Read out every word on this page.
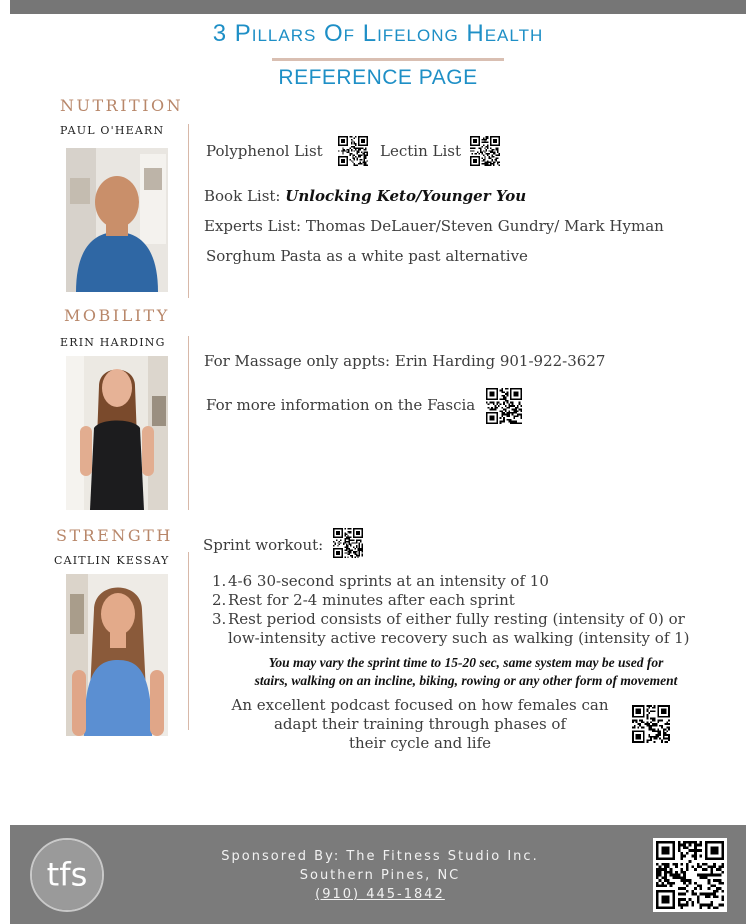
3 Pillars Of Lifelong Health
REFERENCE PAGE
NUTRITION
PAUL O'HEARN
Polyphenol List	Lectin List
Book List: Unlocking Keto/Younger You
Experts List: Thomas DeLauer/Steven Gundry/ Mark Hyman
Sorghum Pasta as a white past alternative
MOBILITY
ERIN HARDING
For Massage only appts: Erin Harding 901-922-3627
For more information on the Fascia
STRENGTH
CAITLIN KESSAY
Sprint workout:
1. 4-6 30-second sprints at an intensity of 10
2. Rest for 2-4 minutes after each sprint
3. Rest period consists of either fully resting (intensity of 0) or
low-intensity active recovery such as walking (intensity of 1)
You may vary the sprint time to 15-20 sec, same system may be used for
stairs, walking on an incline, biking, rowing or any other form of movement
An excellent podcast focused on how females can
adapt their training through phases of
their cycle and life
tfs	Sponsored By: The Fitness Studio Inc.
Southern Pines, NC
(910) 445-1842
